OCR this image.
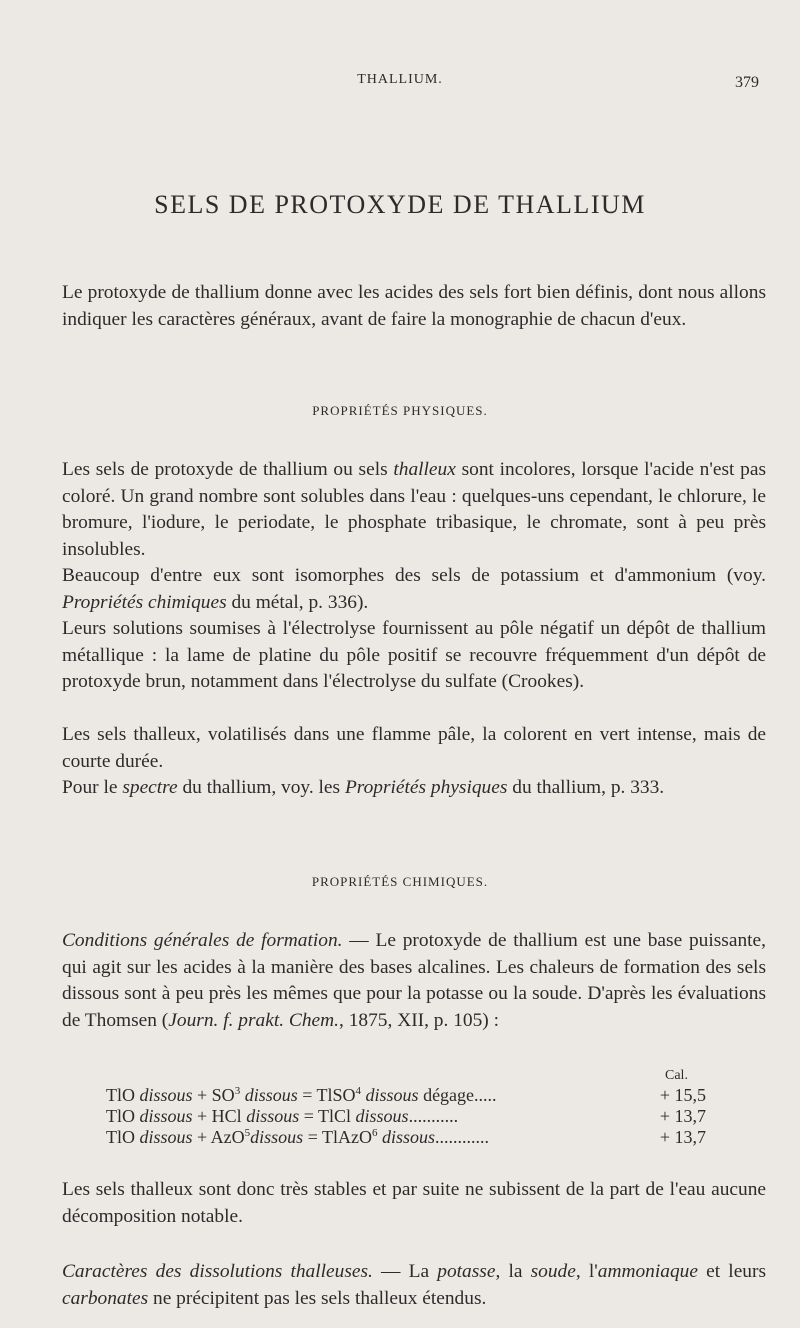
THALLIUM.	379
SELS DE PROTOXYDE DE THALLIUM
Le protoxyde de thallium donne avec les acides des sels fort bien définis, dont nous allons indiquer les caractères généraux, avant de faire la monographie de chacun d'eux.
PROPRIÉTÉS PHYSIQUES.
Les sels de protoxyde de thallium ou sels thalleux sont incolores, lorsque l'acide n'est pas coloré. Un grand nombre sont solubles dans l'eau : quelques-uns cependant, le chlorure, le bromure, l'iodure, le periodate, le phosphate tribasique, le chromate, sont à peu près insolubles.
Beaucoup d'entre eux sont isomorphes des sels de potassium et d'ammonium (voy. Propriétés chimiques du métal, p. 336).
Leurs solutions soumises à l'électrolyse fournissent au pôle négatif un dépôt de thallium métallique : la lame de platine du pôle positif se recouvre fréquemment d'un dépôt de protoxyde brun, notamment dans l'électrolyse du sulfate (Crookes).
Les sels thalleux, volatilisés dans une flamme pâle, la colorent en vert intense, mais de courte durée.
Pour le spectre du thallium, voy. les Propriétés physiques du thallium, p. 333.
PROPRIÉTÉS CHIMIQUES.
Conditions générales de formation. — Le protoxyde de thallium est une base puissante, qui agit sur les acides à la manière des bases alcalines. Les chaleurs de formation des sels dissous sont à peu près les mêmes que pour la potasse ou la soude. D'après les évaluations de Thomsen (Journ. f. prakt. Chem., 1875, XII, p. 105) :
Cal.
TlO dissous + $SO^3$ dissous = TlSO$^4$ dissous dégage.....	+ 15,5
TlO dissous + HCl dissous = TlCl dissous...........	+ 13,7
TlO dissous + AzO$^5$dissous = TlAzO$^6$ dissous............	+ 13,7
Les sels thalleux sont donc très stables et par suite ne subissent de la part de l'eau aucune décomposition notable.
Caractères des dissolutions thalleuses. — La potasse, la soude, l'ammoniaque et leurs carbonates ne précipitent pas les sels thalleux étendus.
